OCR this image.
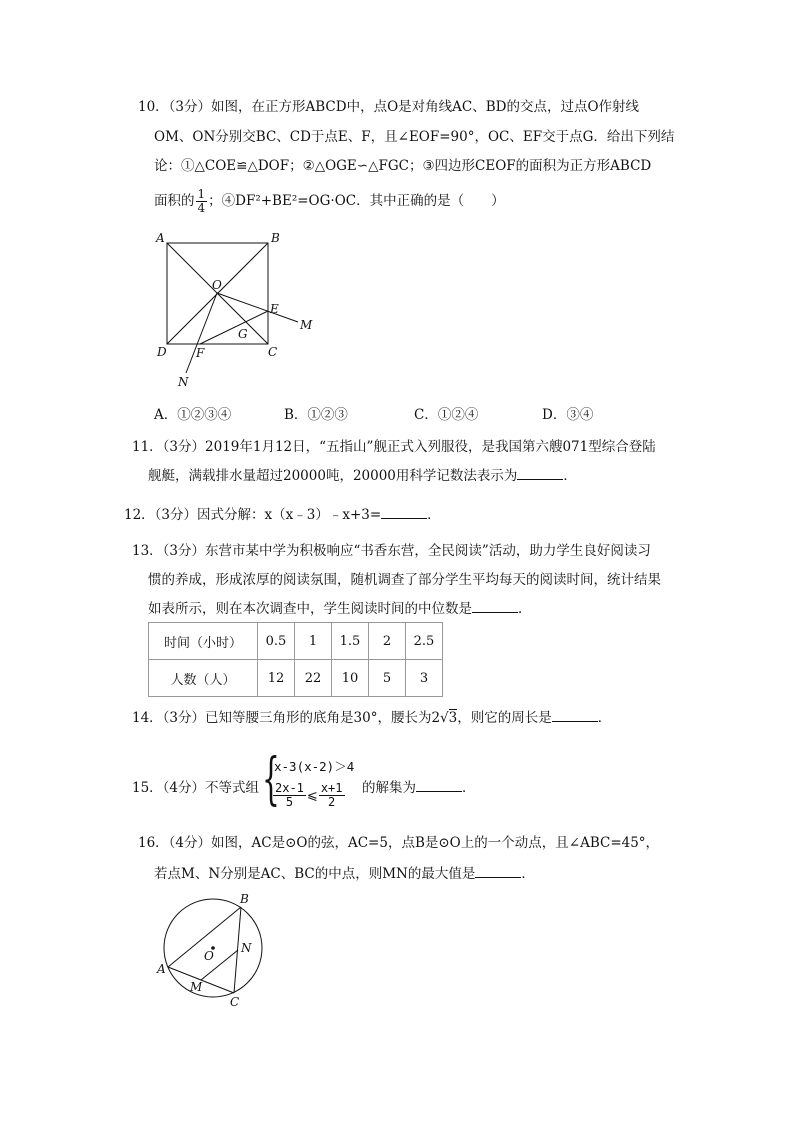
10．（3分）如图，在正方形ABCD中，点O是对角线AC、BD的交点，过点O作射线
OM、ON分别交BC、CD于点E、F，且∠EOF=90°，OC、EF交于点G．给出下列结
论：①△COE≌△DOF；②△OGE∽△FGC；③四边形CEOF的面积为正方形ABCD
面积的 $\frac{1}{4}$ ；④DF²+BE²=OG·OC．其中正确的是（　　）
A	B
C
D
O
E
F
G
M
N
A．①②③④	B．①②③	C．①②④	D．③④
11．（3分）2019年1月12日，“五指山”舰正式入列服役，是我国第六艘071型综合登陆
舰艇，满载排水量超过20000吨，20000用科学记数法表示为	．
12．（3分）因式分解：x（x﹣3）﹣x+3=	．
13．（3分）东营市某中学为积极响应“书香东营，全民阅读”活动，助力学生良好阅读习
惯的养成，形成浓厚的阅读氛围，随机调查了部分学生平均每天的阅读时间，统计结果
如表所示，则在本次调查中，学生阅读时间的中位数是	．
时间（小时）	0.5	1	1.5	2	2.5
人数（人）	12	22	10	5	3
14．（3分）已知等腰三角形的底角是30°，腰长为2√3，则它的周长是	．
15．（4分）不等式组 {
x-3(x-2)＞4
$\frac{2x-1}{5}$ ⩽ $\frac{x+1}{2}$ 的解集为	．
16．（4分）如图，AC是⊙O的弦，AC=5，点B是⊙O上的一个动点，且∠ABC=45°，
若点M、N分别是AC、BC的中点，则MN的最大值是	．
B
A
C
O
M
N
